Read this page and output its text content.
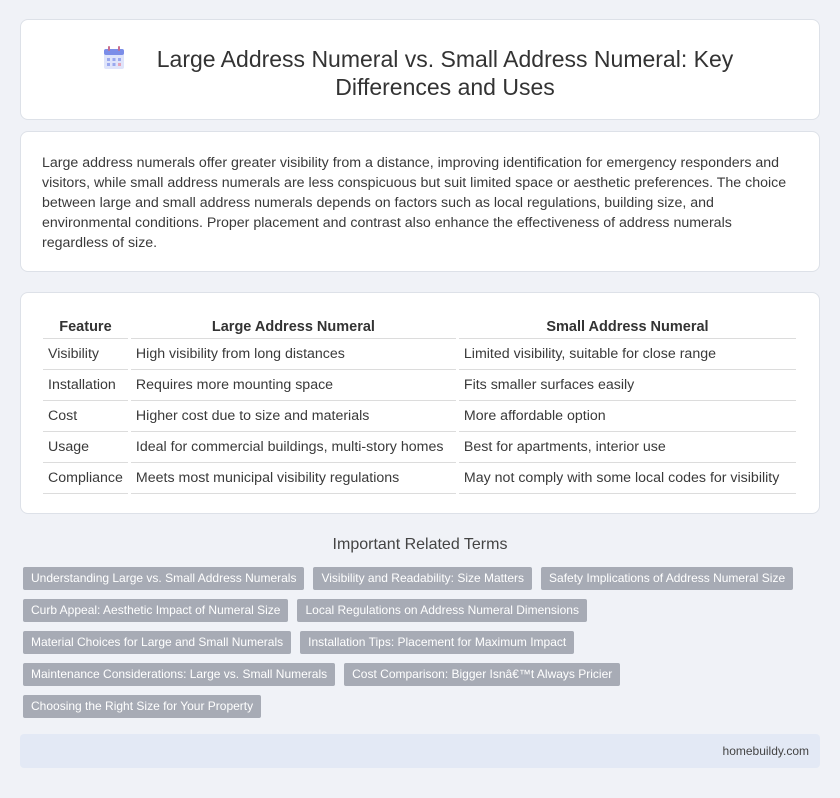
Large Address Numeral vs. Small Address Numeral: Key Differences and Uses

Large address numerals offer greater visibility from a distance, improving identification for emergency responders and visitors, while small address numerals are less conspicuous but suit limited space or aesthetic preferences. The choice between large and small address numerals depends on factors such as local regulations, building size, and environmental conditions. Proper placement and contrast also enhance the effectiveness of address numerals regardless of size.

Feature	Large Address Numeral	Small Address Numeral
Visibility	High visibility from long distances	Limited visibility, suitable for close range
Installation	Requires more mounting space	Fits smaller surfaces easily
Cost	Higher cost due to size and materials	More affordable option
Usage	Ideal for commercial buildings, multi-story homes	Best for apartments, interior use
Compliance	Meets most municipal visibility regulations	May not comply with some local codes for visibility
Important Related Terms
Understanding Large vs. Small Address Numerals	Visibility and Readability: Size Matters	Safety Implications of Address Numeral Size
Curb Appeal: Aesthetic Impact of Numeral Size	Local Regulations on Address Numeral Dimensions
Material Choices for Large and Small Numerals	Installation Tips: Placement for Maximum Impact
Maintenance Considerations: Large vs. Small Numerals	Cost Comparison: Bigger Isnâ€™t Always Pricier
Choosing the Right Size for Your Property
homebuildy.com
